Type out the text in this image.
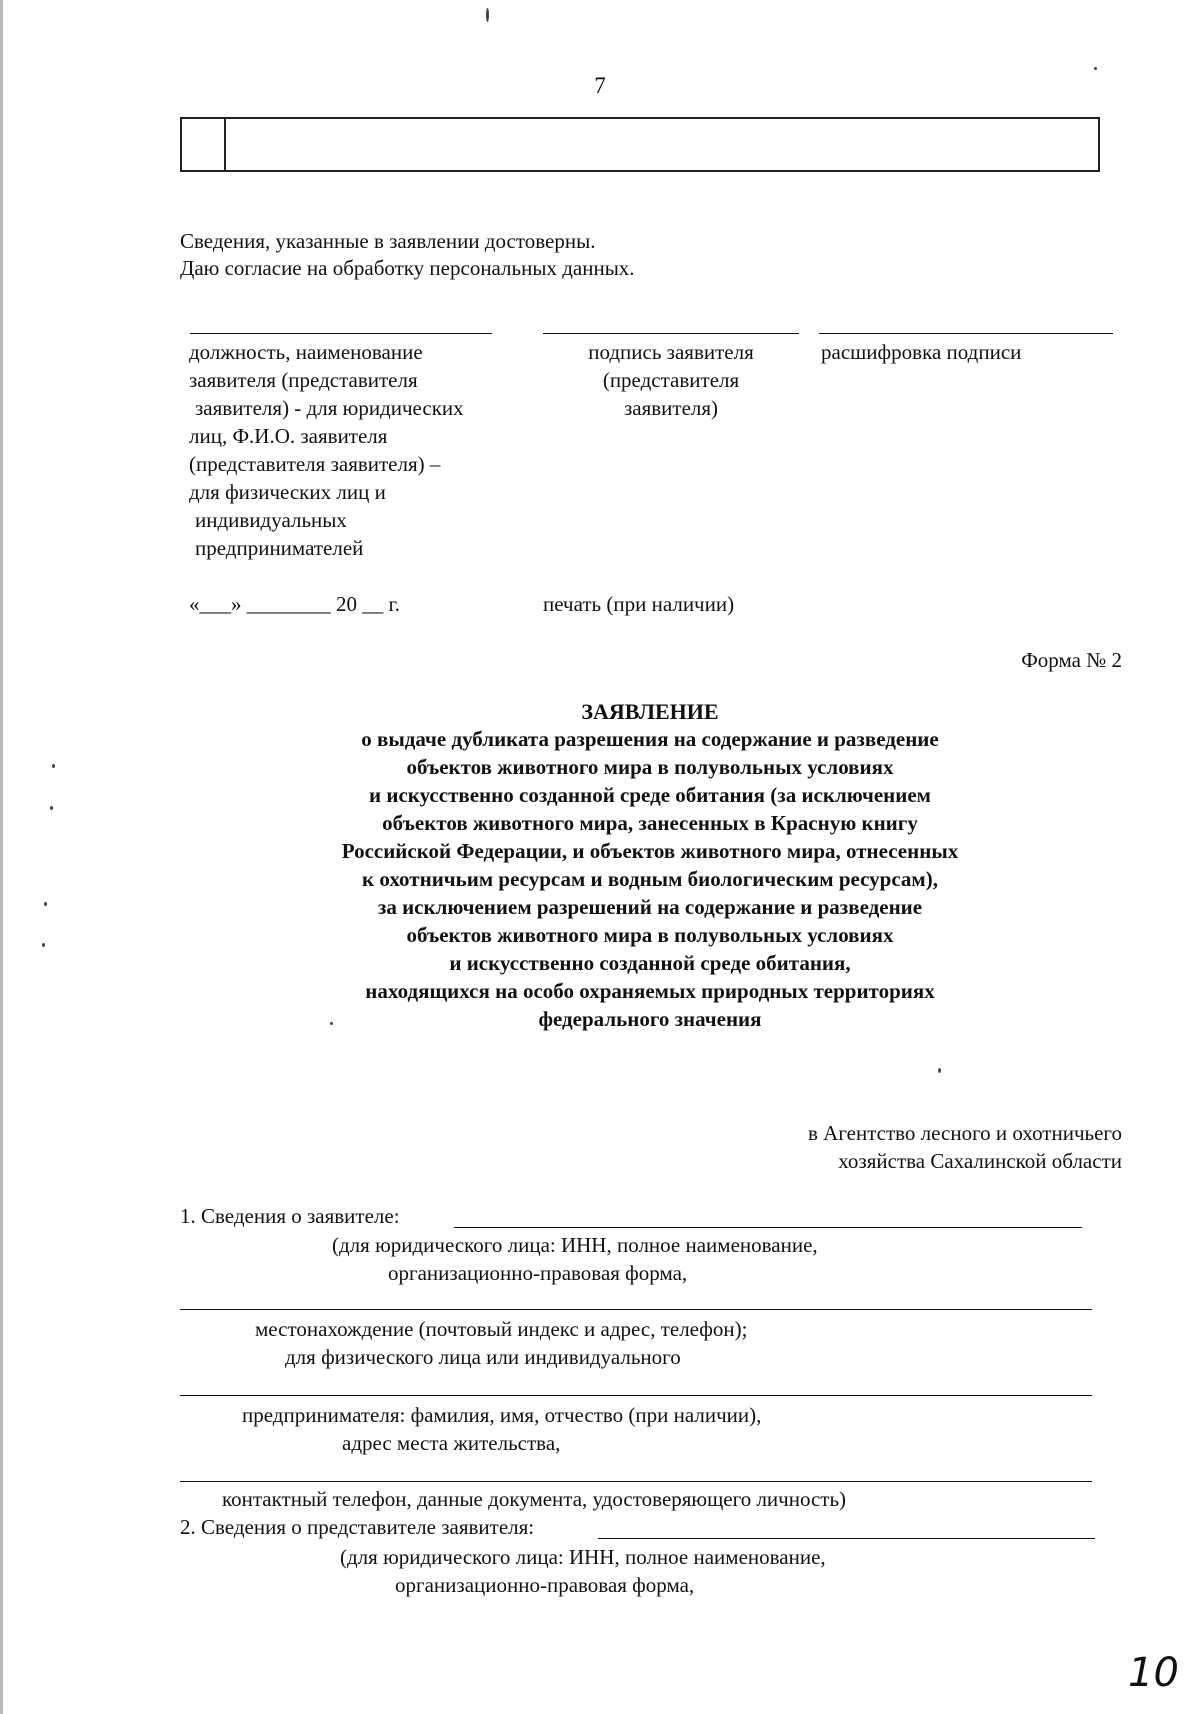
7
Сведения, указанные в заявлении достоверны.
Даю согласие на обработку персональных данных.
должность, наименование
заявителя (представителя
заявителя) - для юридических
лиц, Ф.И.О. заявителя
(представителя заявителя) –
для физических лиц и
индивидуальных
предпринимателей
подпись заявителя
(представителя
заявителя)
расшифровка подписи
«___» ________ 20 __ г.	печать (при наличии)
Форма № 2
ЗАЯВЛЕНИЕ
о выдаче дубликата разрешения на содержание и разведение
объектов животного мира в полувольных условиях
и искусственно созданной среде обитания (за исключением
объектов животного мира, занесенных в Красную книгу
Российской Федерации, и объектов животного мира, отнесенных
к охотничьим ресурсам и водным биологическим ресурсам),
за исключением разрешений на содержание и разведение
объектов животного мира в полувольных условиях
и искусственно созданной среде обитания,
находящихся на особо охраняемых природных территориях
федерального значения
в Агентство лесного и охотничьего
хозяйства Сахалинской области
1. Сведения о заявителе:
(для юридического лица: ИНН, полное наименование,
организационно-правовая форма,
местонахождение (почтовый индекс и адрес, телефон);
для физического лица или индивидуального
предпринимателя: фамилия, имя, отчество (при наличии),
адрес места жительства,
контактный телефон, данные документа, удостоверяющего личность)
2. Сведения о представителе заявителя:
(для юридического лица: ИНН, полное наименование,
организационно-правовая форма,
10
